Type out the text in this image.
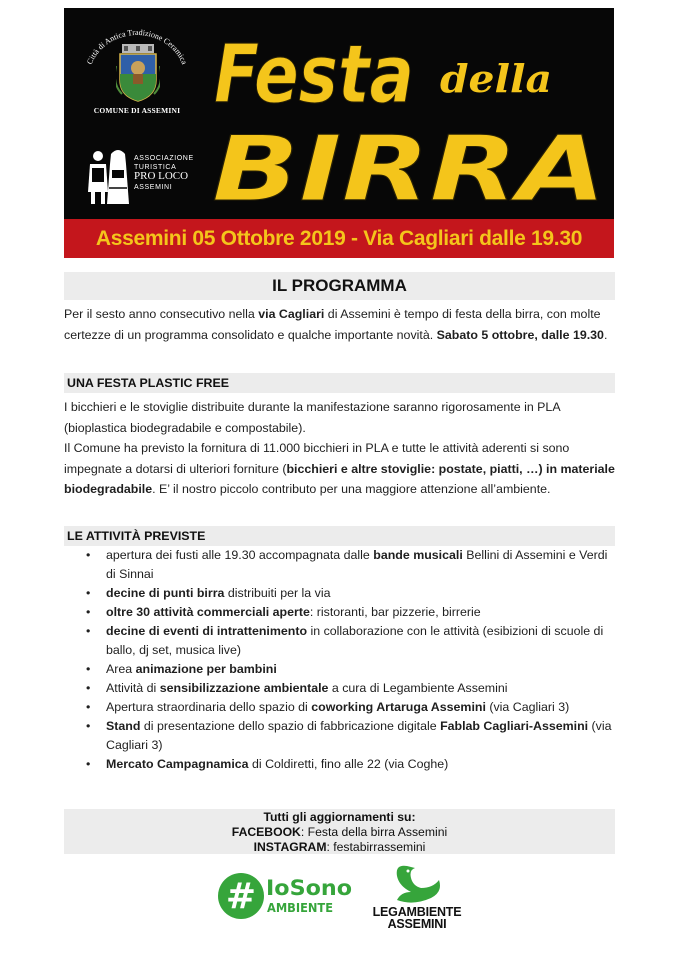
Città di Antica Tradizione Ceramica
COMUNE DI ASSEMINI
ASSOCIAZIONE
TURISTICA
PRO LOCO
ASSEMINI
Festa della
BIRRA
Assemini 05 Ottobre 2019 - Via Cagliari dalle 19.30
IL PROGRAMMA
Per il sesto anno consecutivo nella via Cagliari di Assemini è tempo di festa della birra, con molte certezze di un programma consolidato e qualche importante novità. Sabato 5 ottobre, dalle 19.30.
UNA FESTA PLASTIC FREE
I bicchieri e le stoviglie distribuite durante la manifestazione saranno rigorosamente in PLA (bioplastica biodegradabile e compostabile).
Il Comune ha previsto la fornitura di 11.000 bicchieri in PLA e tutte le attività aderenti si sono impegnate a dotarsi di ulteriori forniture (bicchieri e altre stoviglie: postate, piatti, …) in materiale biodegradabile. E’ il nostro piccolo contributo per una maggiore attenzione all’ambiente.
LE ATTIVITÀ PREVISTE
• apertura dei fusti alle 19.30 accompagnata dalle bande musicali Bellini di Assemini e Verdi di Sinnai
• decine di punti birra distribuiti per la via
• oltre 30 attività commerciali aperte: ristoranti, bar pizzerie, birrerie
• decine di eventi di intrattenimento in collaborazione con le attività (esibizioni di scuole di ballo, dj set, musica live)
• Area animazione per bambini
• Attività di sensibilizzazione ambientale a cura di Legambiente Assemini
• Apertura straordinaria dello spazio di coworking Artaruga Assemini (via Cagliari 3)
• Stand di presentazione dello spazio di fabbricazione digitale Fablab Cagliari-Assemini (via Cagliari 3)
• Mercato Campagnamica di Coldiretti, fino alle 22 (via Coghe)
Tutti gli aggiornamenti su:
FACEBOOK: Festa della birra Assemini
INSTAGRAM: festabirrassemini
# IoSono
AMBIENTE	LEGAMBIENTE
ASSEMINI
